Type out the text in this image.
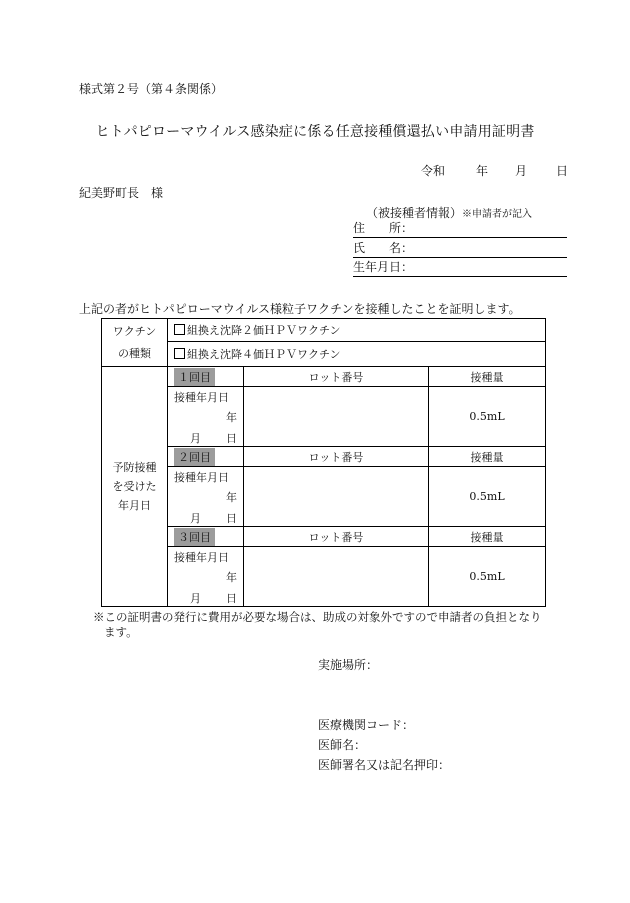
様式第２号（第４条関係）
ヒトパピローマウイルス感染症に係る任意接種償還払い申請用証明書
令和	年 月 日
紀美野町長　様
（被接種者情報）※申請者が記入
住　　所：
氏　　名：
生年月日：
上記の者がヒトパピローマウイルス様粒子ワクチンを接種したことを証明します。
ワクチン
の種類	組換え沈降２価ＨＰＶワクチン		
	組換え沈降４価ＨＰＶワクチン		

予防接種
を受けた
年月日	１回目	ロット番号	接種量
	接種年月日		0.5mL
	年		

	月 日		

	２回目	ロット番号	接種量
	接種年月日		0.5mL
	年		

	月 日		

	３回目	ロット番号	接種量
	接種年月日		0.5mL
	年		

	月 日		
※この証明書の発行に費用が必要な場合は、助成の対象外ですので申請者の負担となり
ます。
実施場所：
医療機関コード：
医師名：
医師署名又は記名押印：
